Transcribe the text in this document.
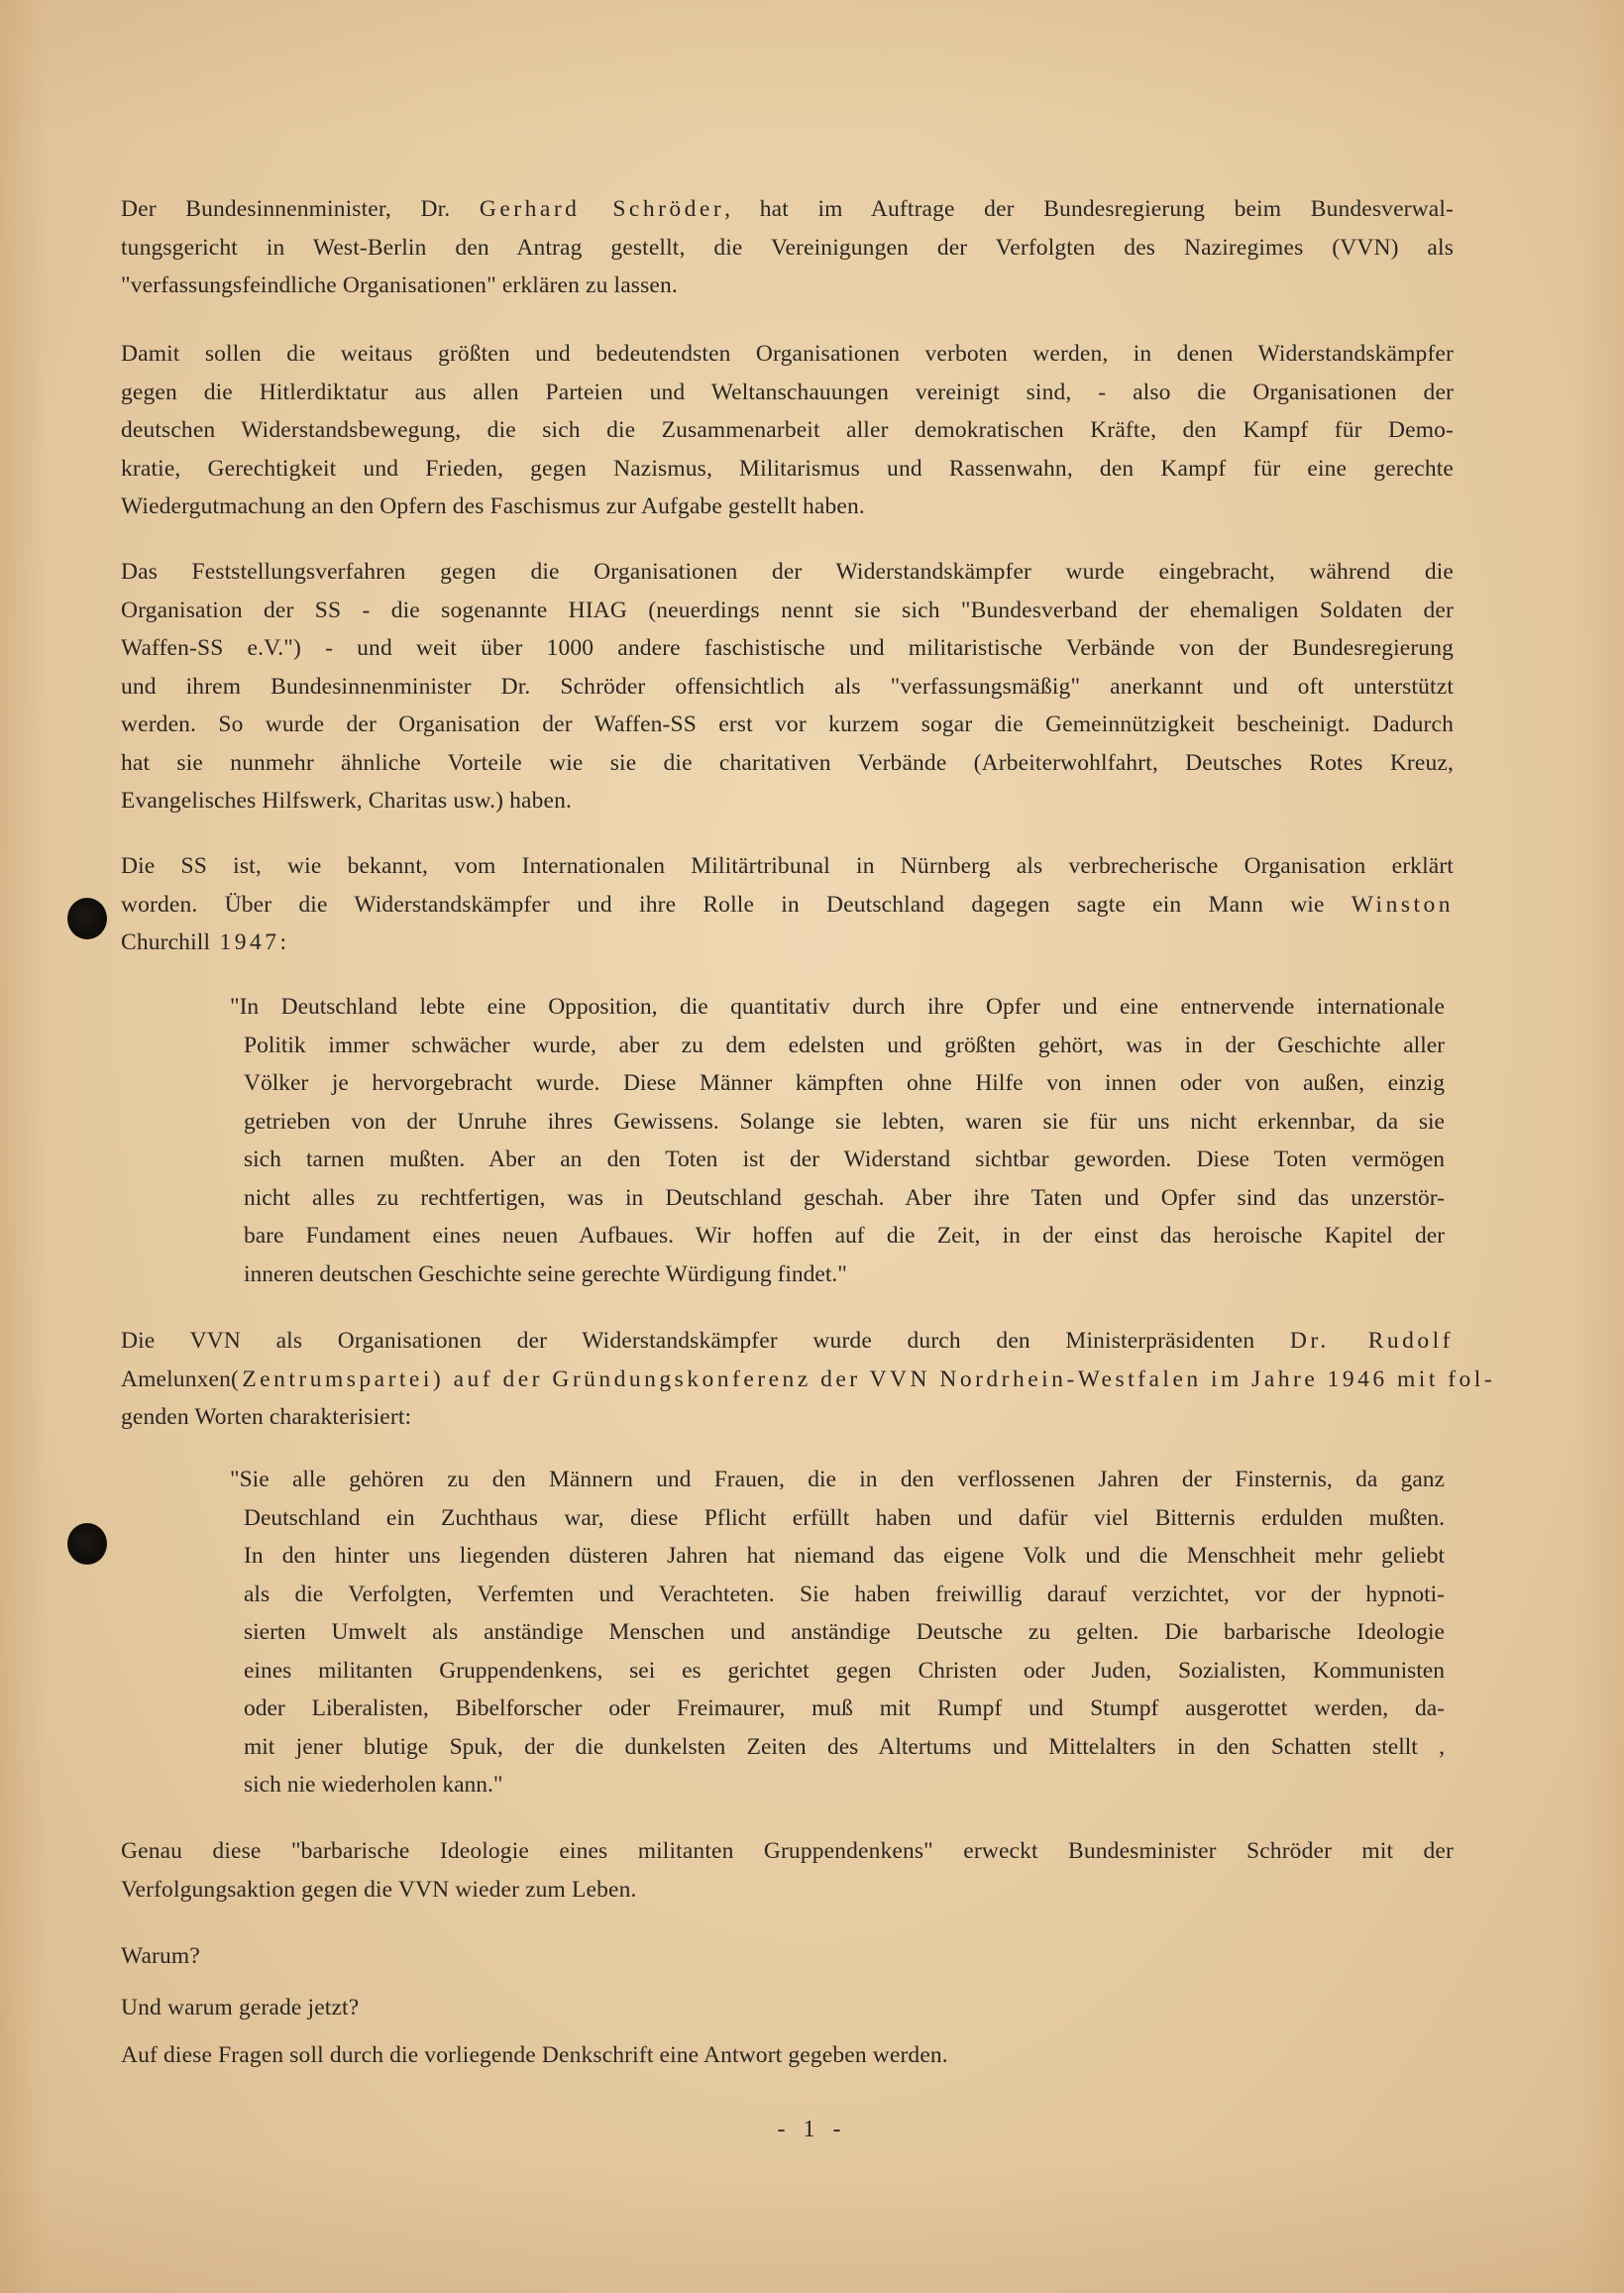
Der Bundesinnenminister, Dr. Gerhard Schröder, hat im Auftrage der Bundesregierung beim Bundesverwal-
tungsgericht in West-Berlin den Antrag gestellt, die Vereinigungen der Verfolgten des Naziregimes (VVN) als
"verfassungsfeindliche Organisationen" erklären zu lassen.
Damit sollen die weitaus größten und bedeutendsten Organisationen verboten werden, in denen Widerstandskämpfer
gegen die Hitlerdiktatur aus allen Parteien und Weltanschauungen vereinigt sind, - also die Organisationen der
deutschen Widerstandsbewegung, die sich die Zusammenarbeit aller demokratischen Kräfte, den Kampf für Demo-
kratie, Gerechtigkeit und Frieden, gegen Nazismus, Militarismus und Rassenwahn, den Kampf für eine gerechte
Wiedergutmachung an den Opfern des Faschismus zur Aufgabe gestellt haben.
Das Feststellungsverfahren gegen die Organisationen der Widerstandskämpfer wurde eingebracht, während die
Organisation der SS - die sogenannte HIAG (neuerdings nennt sie sich "Bundesverband der ehemaligen Soldaten der
Waffen-SS e.V.") - und weit über 1000 andere faschistische und militaristische Verbände von der Bundesregierung
und ihrem Bundesinnenminister Dr. Schröder offensichtlich als "verfassungsmäßig" anerkannt und oft unterstützt
werden. So wurde der Organisation der Waffen-SS erst vor kurzem sogar die Gemeinnützigkeit bescheinigt. Dadurch
hat sie nunmehr ähnliche Vorteile wie sie die charitativen Verbände (Arbeiterwohlfahrt, Deutsches Rotes Kreuz,
Evangelisches Hilfswerk, Charitas usw.) haben.
Die SS ist, wie bekannt, vom Internationalen Militärtribunal in Nürnberg als verbrecherische Organisation erklärt
worden. Über die Widerstandskämpfer und ihre Rolle in Deutschland dagegen sagte ein Mann wie Winston
Churchill 1947:
"In Deutschland lebte eine Opposition, die quantitativ durch ihre Opfer und eine entnervende internationale
Politik immer schwächer wurde, aber zu dem edelsten und größten gehört, was in der Geschichte aller
Völker je hervorgebracht wurde. Diese Männer kämpften ohne Hilfe von innen oder von außen, einzig
getrieben von der Unruhe ihres Gewissens. Solange sie lebten, waren sie für uns nicht erkennbar, da sie
sich tarnen mußten. Aber an den Toten ist der Widerstand sichtbar geworden. Diese Toten vermögen
nicht alles zu rechtfertigen, was in Deutschland geschah. Aber ihre Taten und Opfer sind das unzerstör-
bare Fundament eines neuen Aufbaues. Wir hoffen auf die Zeit, in der einst das heroische Kapitel der
inneren deutschen Geschichte seine gerechte Würdigung findet."
Die VVN als Organisationen der Widerstandskämpfer wurde durch den Ministerpräsidenten Dr. Rudolf
Amelunxen(Zentrumspartei) auf der Gründungskonferenz der VVN Nordrhein-Westfalen im Jahre 1946 mit fol-
genden Worten charakterisiert:
"Sie alle gehören zu den Männern und Frauen, die in den verflossenen Jahren der Finsternis, da ganz
Deutschland ein Zuchthaus war, diese Pflicht erfüllt haben und dafür viel Bitternis erdulden mußten.
In den hinter uns liegenden düsteren Jahren hat niemand das eigene Volk und die Menschheit mehr geliebt
als die Verfolgten, Verfemten und Verachteten. Sie haben freiwillig darauf verzichtet, vor der hypnoti-
sierten Umwelt als anständige Menschen und anständige Deutsche zu gelten. Die barbarische Ideologie
eines militanten Gruppendenkens, sei es gerichtet gegen Christen oder Juden, Sozialisten, Kommunisten
oder Liberalisten, Bibelforscher oder Freimaurer, muß mit Rumpf und Stumpf ausgerottet werden, da-
mit jener blutige Spuk, der die dunkelsten Zeiten des Altertums und Mittelalters in den Schatten stellt ,
sich nie wiederholen kann."
Genau diese "barbarische Ideologie eines militanten Gruppendenkens" erweckt Bundesminister Schröder mit der
Verfolgungsaktion gegen die VVN wieder zum Leben.
Warum?
Und warum gerade jetzt?
Auf diese Fragen soll durch die vorliegende Denkschrift eine Antwort gegeben werden.
- 1 -
